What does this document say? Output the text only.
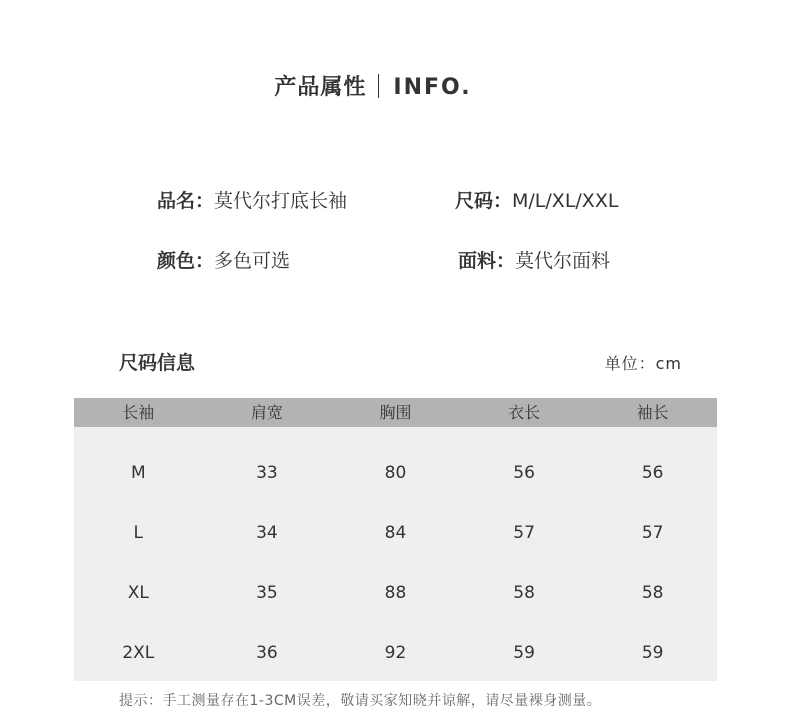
产品属性 INFO.
品名：莫代尔打底长袖	尺码：M/L/XL/XXL
颜色：多色可选	面料：莫代尔面料
尺码信息	单位：cm
长袖	肩宽	胸围	衣长	袖长
M	33	80	56	56
L	34	84	57	57
XL	35	88	58	58
2XL	36	92	59	59
提示：手工测量存在1-3CM误差，敬请买家知晓并谅解，请尽量裸身测量。
